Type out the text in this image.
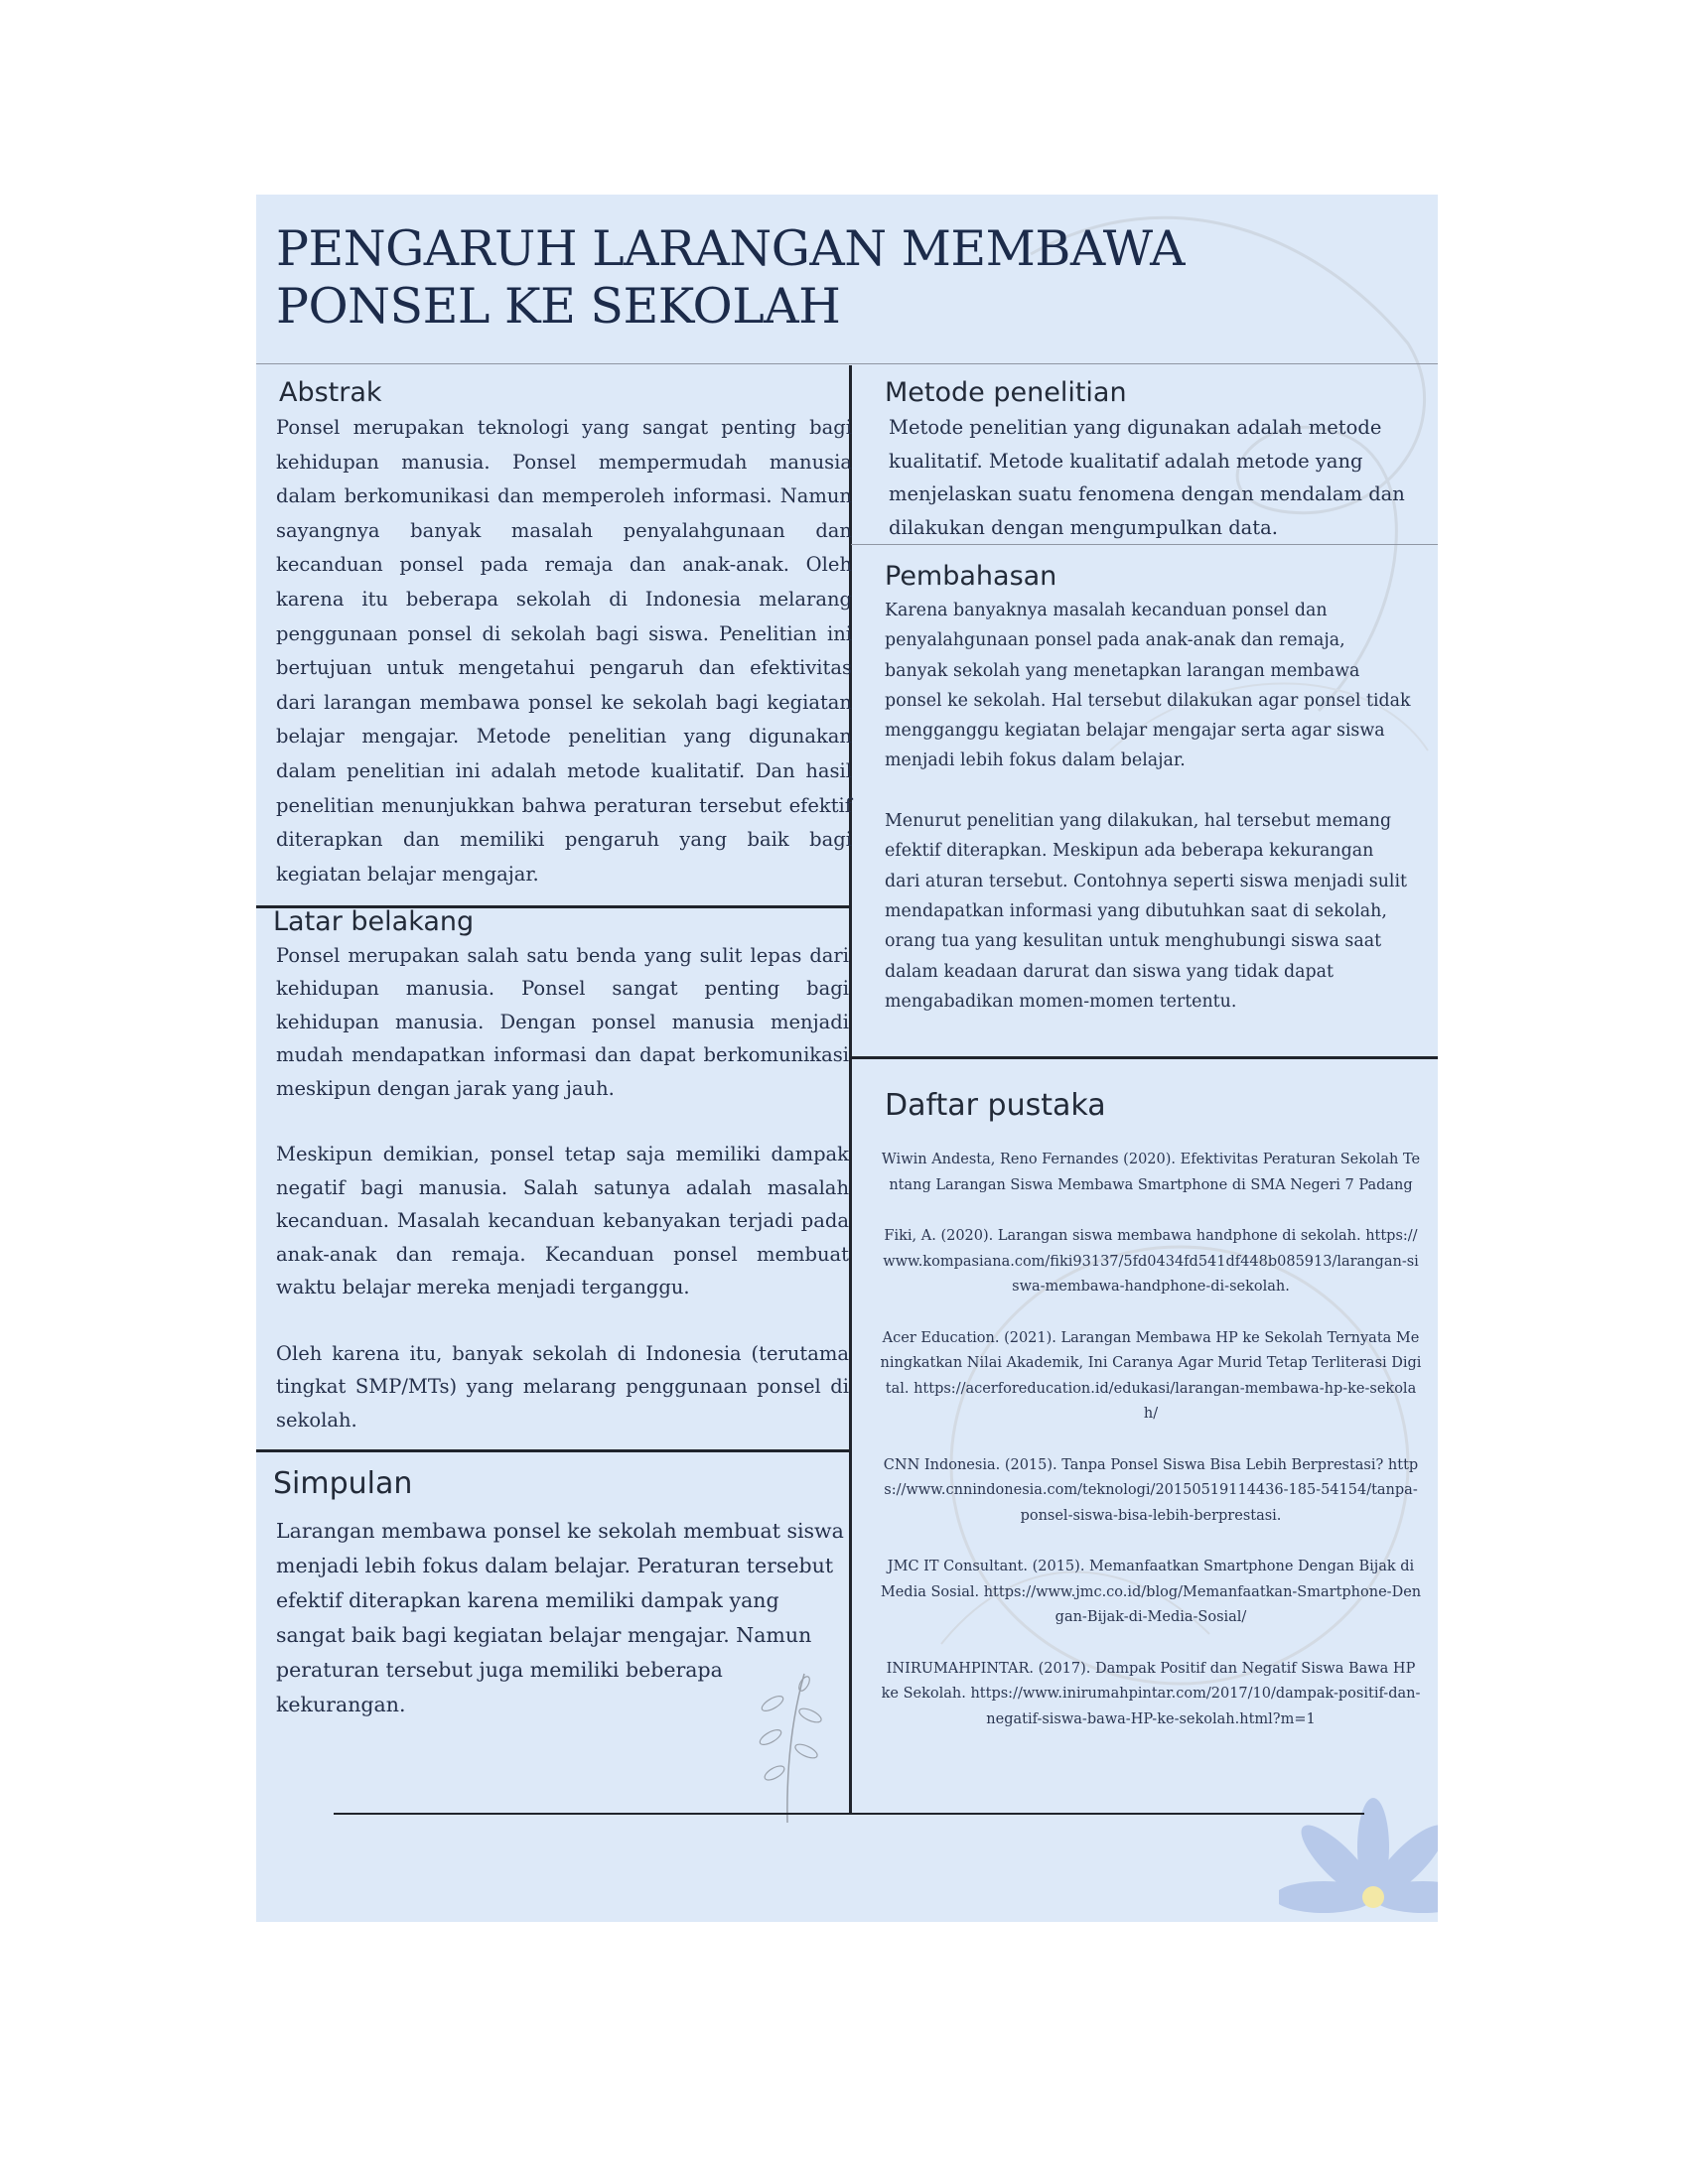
PENGARUH LARANGAN MEMBAWA PONSEL KE SEKOLAH
Abstrak

Ponsel merupakan teknologi yang sangat penting bagi kehidupan manusia. Ponsel mempermudah manusia dalam berkomunikasi dan memperoleh informasi. Namun sayangnya banyak masalah penyalahgunaan dan kecanduan ponsel pada remaja dan anak-anak. Oleh karena itu beberapa sekolah di Indonesia melarang penggunaan ponsel di sekolah bagi siswa. Penelitian ini bertujuan untuk mengetahui pengaruh dan efektivitas dari larangan membawa ponsel ke sekolah bagi kegiatan belajar mengajar. Metode penelitian yang digunakan dalam penelitian ini adalah metode kualitatif. Dan hasil penelitian menunjukkan bahwa peraturan tersebut efektif diterapkan dan memiliki pengaruh yang baik bagi kegiatan belajar mengajar.

Latar belakang

Ponsel merupakan salah satu benda yang sulit lepas dari kehidupan manusia. Ponsel sangat penting bagi kehidupan manusia. Dengan ponsel manusia menjadi mudah mendapatkan informasi dan dapat berkomunikasi meskipun dengan jarak yang jauh.

Meskipun demikian, ponsel tetap saja memiliki dampak negatif bagi manusia. Salah satunya adalah masalah kecanduan. Masalah kecanduan kebanyakan terjadi pada anak-anak dan remaja. Kecanduan ponsel membuat waktu belajar mereka menjadi terganggu.

Oleh karena itu, banyak sekolah di Indonesia (terutama tingkat SMP/MTs) yang melarang penggunaan ponsel di sekolah.

Simpulan

Larangan membawa ponsel ke sekolah membuat siswa menjadi lebih fokus dalam belajar. Peraturan tersebut efektif diterapkan karena memiliki dampak yang sangat baik bagi kegiatan belajar mengajar. Namun peraturan tersebut juga memiliki beberapa kekurangan.

Metode penelitian

Metode penelitian yang digunakan adalah metode kualitatif. Metode kualitatif adalah metode yang menjelaskan suatu fenomena dengan mendalam dan dilakukan dengan mengumpulkan data.

Pembahasan

Karena banyaknya masalah kecanduan ponsel dan penyalahgunaan ponsel pada anak-anak dan remaja, banyak sekolah yang menetapkan larangan membawa ponsel ke sekolah. Hal tersebut dilakukan agar ponsel tidak mengganggu kegiatan belajar mengajar serta agar siswa menjadi lebih fokus dalam belajar.

Menurut penelitian yang dilakukan, hal tersebut memang efektif diterapkan. Meskipun ada beberapa kekurangan dari aturan tersebut. Contohnya seperti siswa menjadi sulit mendapatkan informasi yang dibutuhkan saat di sekolah, orang tua yang kesulitan untuk menghubungi siswa saat dalam keadaan darurat dan siswa yang tidak dapat mengabadikan momen-momen tertentu.

Daftar pustaka

Wiwin Andesta, Reno Fernandes (2020). Efektivitas Peraturan Sekolah Tentang Larangan Siswa Membawa Smartphone di SMA Negeri 7 Padang

Fiki, A. (2020). Larangan siswa membawa handphone di sekolah. https://www.kompasiana.com/fiki93137/5fd0434fd541df448b085913/larangan-siswa-membawa-handphone-di-sekolah.

Acer Education. (2021). Larangan Membawa HP ke Sekolah Ternyata Meningkatkan Nilai Akademik, Ini Caranya Agar Murid Tetap Terliterasi Digital. https://acerforeducation.id/edukasi/larangan-membawa-hp-ke-sekolah/

CNN Indonesia. (2015). Tanpa Ponsel Siswa Bisa Lebih Berprestasi? https://www.cnnindonesia.com/teknologi/20150519114436-185-54154/tanpa-ponsel-siswa-bisa-lebih-berprestasi.

JMC IT Consultant. (2015). Memanfaatkan Smartphone Dengan Bijak di Media Sosial. https://www.jmc.co.id/blog/Memanfaatkan-Smartphone-Dengan-Bijak-di-Media-Sosial/

INIRUMAHPINTAR. (2017). Dampak Positif dan Negatif Siswa Bawa HP ke Sekolah. https://www.inirumahpintar.com/2017/10/dampak-positif-dan-negatif-siswa-bawa-HP-ke-sekolah.html?m=1
